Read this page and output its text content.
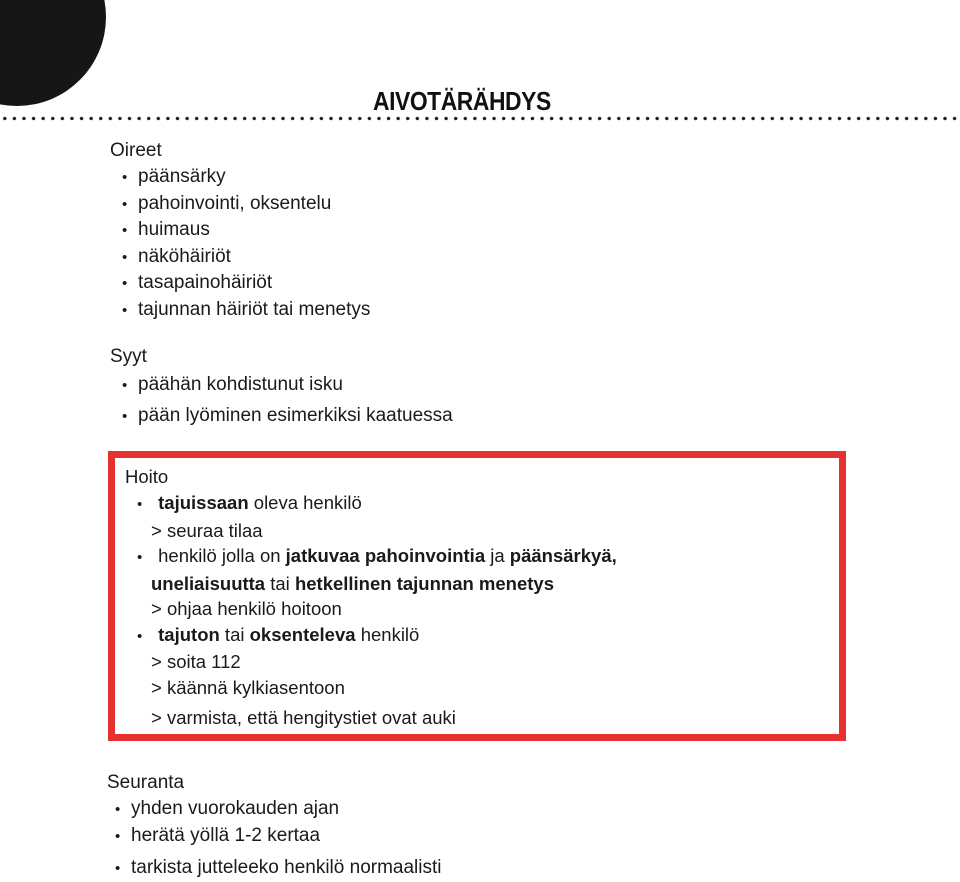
AIVOTÄRÄHDYS
Oireet
• päänsärky
• pahoinvointi, oksentelu
• huimaus
• näköhäiriöt
• tasapainohäiriöt
• tajunnan häiriöt tai menetys
Syyt
• päähän kohdistunut isku
• pään lyöminen esimerkiksi kaatuessa
Hoito
• tajuissaan oleva henkilö
> seuraa tilaa
• henkilö jolla on jatkuvaa pahoinvointia ja päänsärkyä,
uneliaisuutta tai hetkellinen tajunnan menetys
> ohjaa henkilö hoitoon
• tajuton tai oksenteleva henkilö
> soita 112
> käännä kylkiasentoon
> varmista, että hengitystiet ovat auki
Seuranta
• yhden vuorokauden ajan
• herätä yöllä 1-2 kertaa
• tarkista jutteleeko henkilö normaalisti
